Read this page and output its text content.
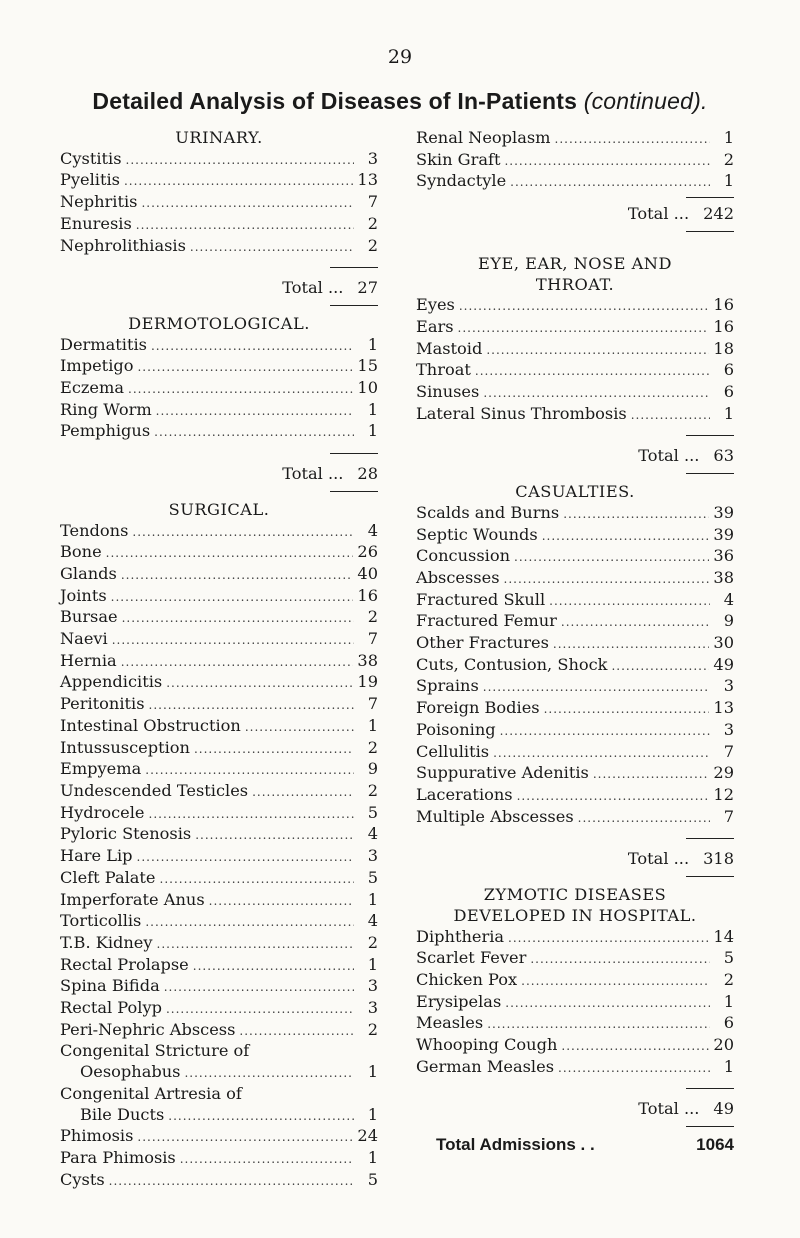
29
Detailed Analysis of Diseases of In-Patients (continued).
URINARY.
Cystitis .....	3
Pyelitis .....	13
Nephritis .....	7
Enuresis .....	2
Nephrolithiasis .....	2
Total ... 27
DERMOTOLOGICAL.
Dermatitis .....	1
Impetigo .....	15
Eczema .....	10
Ring Worm .....	1
Pemphigus .....	1
Total ... 28
SURGICAL.
Tendons .....	4
Bone .....	26
Glands .....	40
Joints .....	16
Bursae .....	2
Naevi .....	7
Hernia .....	38
Appendicitis .....	19
Peritonitis .....	7
Intestinal Obstruction .....	1
Intussusception .....	2
Empyema .....	9
Undescended Testicles .....	2
Hydrocele .....	5
Pyloric Stenosis .....	4
Hare Lip .....	3
Cleft Palate .....	5
Imperforate Anus .....	1
Torticollis .....	4
T.B. Kidney .....	2
Rectal Prolapse .....	1
Spina Bifida .....	3
Rectal Polyp .....	3
Peri-Nephric Abscess .....	2
Congenital Stricture of
Oesophabus .....	1
Congenital Artresia of
Bile Ducts .....	1
Phimosis .....	24
Para Phimosis .....	1
Cysts .....	5
Renal Neoplasm .....	1
Skin Graft .....	2
Syndactyle .....	1
Total ... 242
EYE, EAR, NOSE AND
THROAT.
Eyes .....	16
Ears .....	16
Mastoid .....	18
Throat .....	6
Sinuses .....	6
Lateral Sinus Thrombosis .....	1
Total ... 63
CASUALTIES.
Scalds and Burns .....	39
Septic Wounds .....	39
Concussion .....	36
Abscesses .....	38
Fractured Skull .....	4
Fractured Femur .....	9
Other Fractures .....	30
Cuts, Contusion, Shock .....	49
Sprains .....	3
Foreign Bodies .....	13
Poisoning .....	3
Cellulitis .....	7
Suppurative Adenitis .....	29
Lacerations .....	12
Multiple Abscesses .....	7
Total ... 318
ZYMOTIC DISEASES
DEVELOPED IN HOSPITAL.
Diphtheria .....	14
Scarlet Fever .....	5
Chicken Pox .....	2
Erysipelas .....	1
Measles .....	6
Whooping Cough .....	20
German Measles .....	1
Total ... 49
Total Admissions . .	1064
